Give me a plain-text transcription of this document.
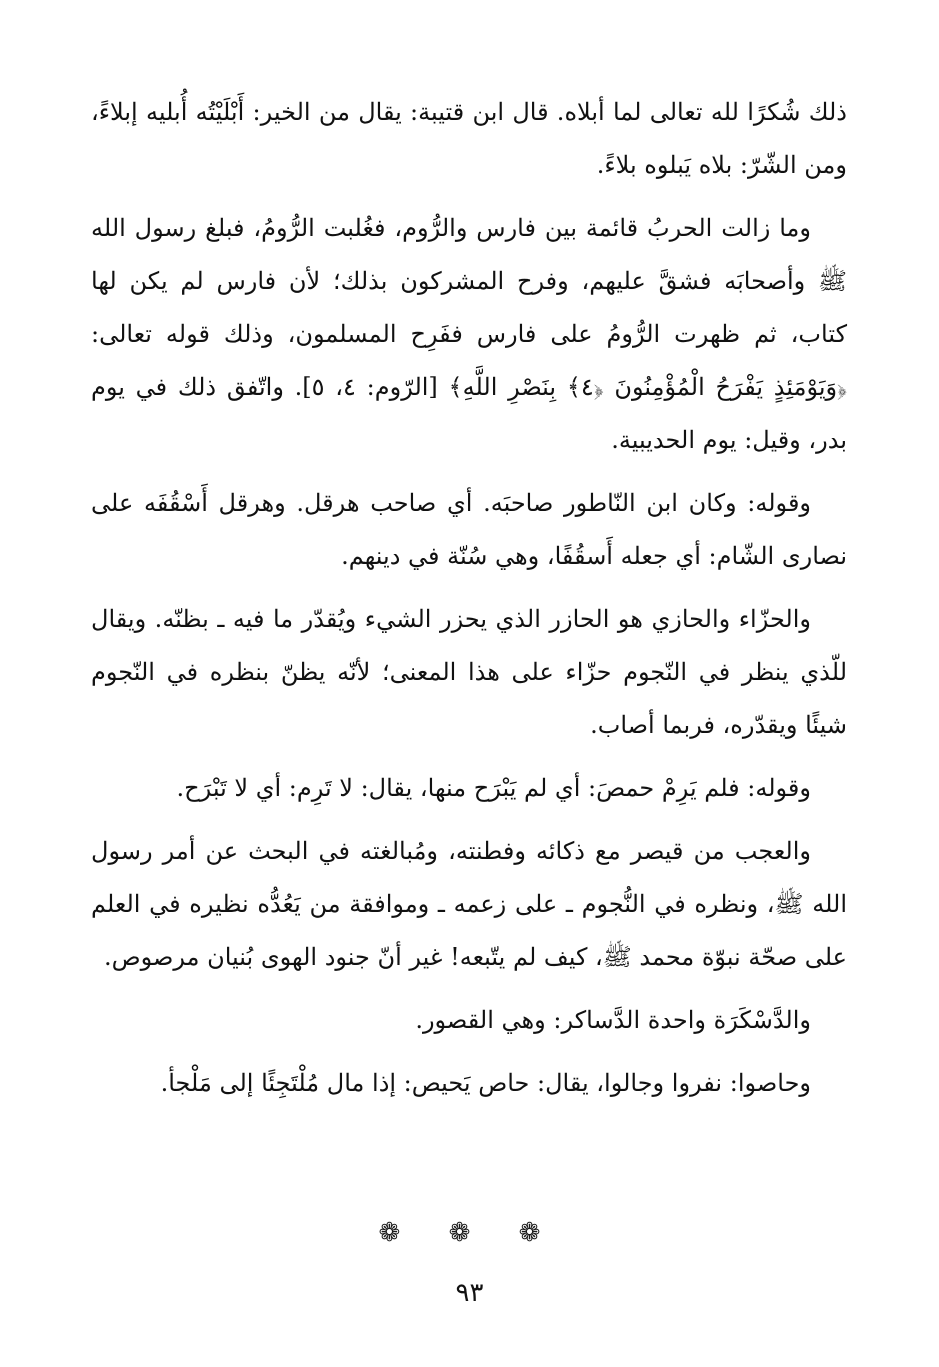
ذلك شُكرًا لله تعالى لما أبلاه. قال ابن قتيبة: يقال من الخير: أَبْلَيْتُه أُبليه إبلاءً، ومن الشّرّ: بلاه يَبلوه بلاءً.

وما زالت الحربُ قائمة بين فارس والرُّوم، فغُلبت الرُّومُ، فبلغ رسول الله ﷺ وأصحابَه فشقَّ عليهم، وفرح المشركون بذلك؛ لأن فارس لم يكن لها كتاب، ثم ظهرت الرُّومُ على فارس ففَرِح المسلمون، وذلك قوله تعالى: ﴿وَيَوْمَئِذٍ يَفْرَحُ الْمُؤْمِنُونَ ﴿٤﴾ بِنَصْرِ اللَّهِ﴾ [الرّوم: ٤، ٥]. واتّفق ذلك في يوم بدر، وقيل: يوم الحديبية.

وقوله: وكان ابن النّاطور صاحبَه. أي صاحب هرقل. وهرقل أَسْقُفَه على نصارى الشّام: أي جعله أَسقُفًا، وهي سُنّة في دينهم.

والحزّاء والحازي هو الحازر الذي يحزر الشيء ويُقدّر ما فيه ـ بظنّه. ويقال للّذي ينظر في النّجوم حزّاء على هذا المعنى؛ لأنّه يظنّ بنظره في النّجوم شيئًا ويقدّره، فربما أصاب.

وقوله: فلم يَرِمْ حمصَ: أي لم يَبْرَح منها، يقال: لا تَرِم: أي لا تَبْرَح.

والعجب من قيصر مع ذكائه وفطنته، ومُبالغته في البحث عن أمر رسول الله ﷺ، ونظره في النُّجوم ـ على زعمه ـ وموافقة من يَعُدُّه نظيره في العلم على صحّة نبوّة محمد ﷺ، كيف لم يتّبعه! غير أنّ جنود الهوى بُنيان مرصوص.

والدَّسْكَرَة واحدة الدَّساكر: وهي القصور.

وحاصوا: نفروا وجالوا، يقال: حاص يَحيص: إذا مال مُلْتَجِئًا إلى مَلْجأ.

❁ ❁ ❁
٩٣
